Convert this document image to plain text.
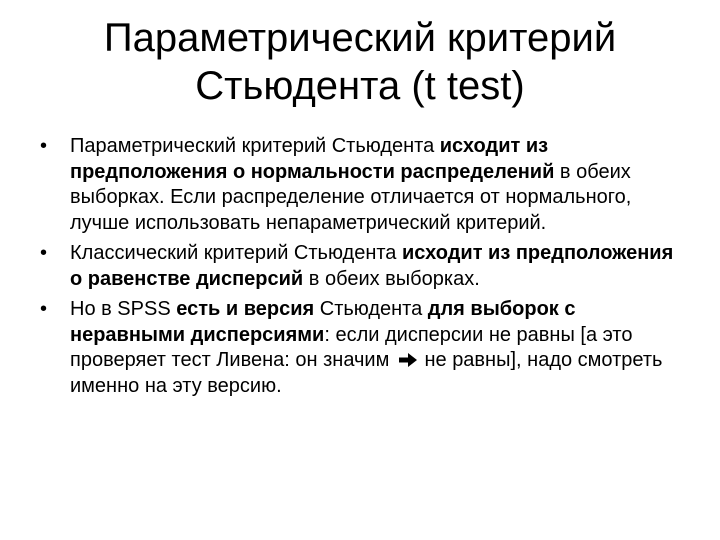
Параметрический критерий
Стьюдента (t test)
•	Параметрический критерий Стьюдента исходит из предположения о нормальности распределений в обеих выборках. Если распределение отличается от нормального, лучше использовать непараметрический критерий.
•	Классический критерий Стьюдента исходит из предположения о равенстве дисперсий в обеих выборках.
•	Но в SPSS есть и версия Стьюдента для выборок с неравными дисперсиями: если дисперсии не равны [а это проверяет тест Ливена: он значим  не равны], надо смотреть именно на эту версию.
